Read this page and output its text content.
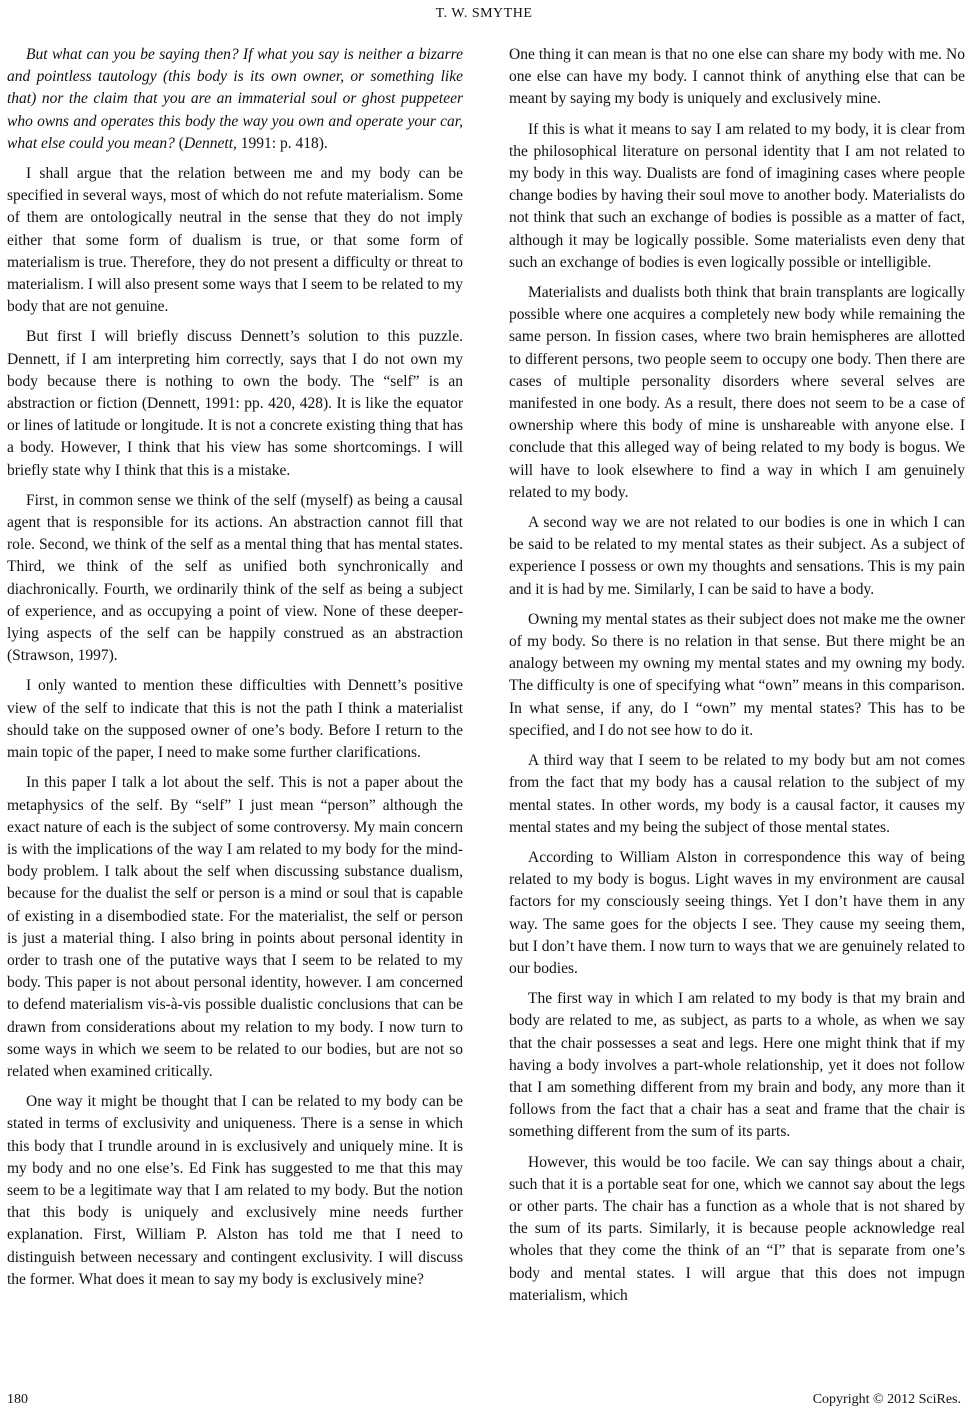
T. W. SMYTHE

But what can you be saying then? If what you say is neither a bizarre and pointless tautology (this body is its own owner, or something like that) nor the claim that you are an immaterial soul or ghost puppeteer who owns and operates this body the way you own and operate your car, what else could you mean? (Dennett, 1991: p. 418).

I shall argue that the relation between me and my body can be specified in several ways, most of which do not refute materialism. Some of them are ontologically neutral in the sense that they do not imply either that some form of dualism is true, or that some form of materialism is true. Therefore, they do not present a difficulty or threat to materialism. I will also present some ways that I seem to be related to my body that are not genuine.

But first I will briefly discuss Dennett’s solution to this puzzle. Dennett, if I am interpreting him correctly, says that I do not own my body because there is nothing to own the body. The “self” is an abstraction or fiction (Dennett, 1991: pp. 420, 428). It is like the equator or lines of latitude or longitude. It is not a concrete existing thing that has a body. However, I think that his view has some shortcomings. I will briefly state why I think that this is a mistake.

First, in common sense we think of the self (myself) as being a causal agent that is responsible for its actions. An abstraction cannot fill that role. Second, we think of the self as a mental thing that has mental states. Third, we think of the self as unified both synchronically and diachronically. Fourth, we ordinarily think of the self as being a subject of experience, and as occupying a point of view. None of these deeper-lying aspects of the self can be happily construed as an abstraction (Strawson, 1997).

I only wanted to mention these difficulties with Dennett’s positive view of the self to indicate that this is not the path I think a materialist should take on the supposed owner of one’s body. Before I return to the main topic of the paper, I need to make some further clarifications.

In this paper I talk a lot about the self. This is not a paper about the metaphysics of the self. By “self” I just mean “person” although the exact nature of each is the subject of some controversy. My main concern is with the implications of the way I am related to my body for the mind-body problem. I talk about the self when discussing substance dualism, because for the dualist the self or person is a mind or soul that is capable of existing in a disembodied state. For the materialist, the self or person is just a material thing. I also bring in points about personal identity in order to trash one of the putative ways that I seem to be related to my body. This paper is not about personal identity, however. I am concerned to defend materialism vis-à-vis possible dualistic conclusions that can be drawn from considerations about my relation to my body. I now turn to some ways in which we seem to be related to our bodies, but are not so related when examined critically.

One way it might be thought that I can be related to my body can be stated in terms of exclusivity and uniqueness. There is a sense in which this body that I trundle around in is exclusively and uniquely mine. It is my body and no one else’s. Ed Fink has suggested to me that this may seem to be a legitimate way that I am related to my body. But the notion that this body is uniquely and exclusively mine needs further explanation. First, William P. Alston has told me that I need to distinguish between necessary and contingent exclusivity. I will discuss the former. What does it mean to say my body is exclusively mine?

One thing it can mean is that no one else can share my body with me. No one else can have my body. I cannot think of anything else that can be meant by saying my body is uniquely and exclusively mine.

If this is what it means to say I am related to my body, it is clear from the philosophical literature on personal identity that I am not related to my body in this way. Dualists are fond of imagining cases where people change bodies by having their soul move to another body. Materialists do not think that such an exchange of bodies is possible as a matter of fact, although it may be logically possible. Some materialists even deny that such an exchange of bodies is even logically possible or intelligible.

Materialists and dualists both think that brain transplants are logically possible where one acquires a completely new body while remaining the same person. In fission cases, where two brain hemispheres are allotted to different persons, two people seem to occupy one body. Then there are cases of multiple personality disorders where several selves are manifested in one body. As a result, there does not seem to be a case of ownership where this body of mine is unshareable with anyone else. I conclude that this alleged way of being related to my body is bogus. We will have to look elsewhere to find a way in which I am genuinely related to my body.

A second way we are not related to our bodies is one in which I can be said to be related to my mental states as their subject. As a subject of experience I possess or own my thoughts and sensations. This is my pain and it is had by me. Similarly, I can be said to have a body.

Owning my mental states as their subject does not make me the owner of my body. So there is no relation in that sense. But there might be an analogy between my owning my mental states and my owning my body. The difficulty is one of specifying what “own” means in this comparison. In what sense, if any, do I “own” my mental states? This has to be specified, and I do not see how to do it.

A third way that I seem to be related to my body but am not comes from the fact that my body has a causal relation to the subject of my mental states. In other words, my body is a causal factor, it causes my mental states and my being the subject of those mental states.

According to William Alston in correspondence this way of being related to my body is bogus. Light waves in my environment are causal factors for my consciously seeing things. Yet I don’t have them in any way. The same goes for the objects I see. They cause my seeing them, but I don’t have them. I now turn to ways that we are genuinely related to our bodies.

The first way in which I am related to my body is that my brain and body are related to me, as subject, as parts to a whole, as when we say that the chair possesses a seat and legs. Here one might think that if my having a body involves a part-whole relationship, yet it does not follow that I am something different from my brain and body, any more than it follows from the fact that a chair has a seat and frame that the chair is something different from the sum of its parts.

However, this would be too facile. We can say things about a chair, such that it is a portable seat for one, which we cannot say about the legs or other parts. The chair has a function as a whole that is not shared by the sum of its parts. Similarly, it is because people acknowledge real wholes that they come the think of an “I” that is separate from one’s body and mental states. I will argue that this does not impugn materialism, which

180	Copyright © 2012 SciRes.
